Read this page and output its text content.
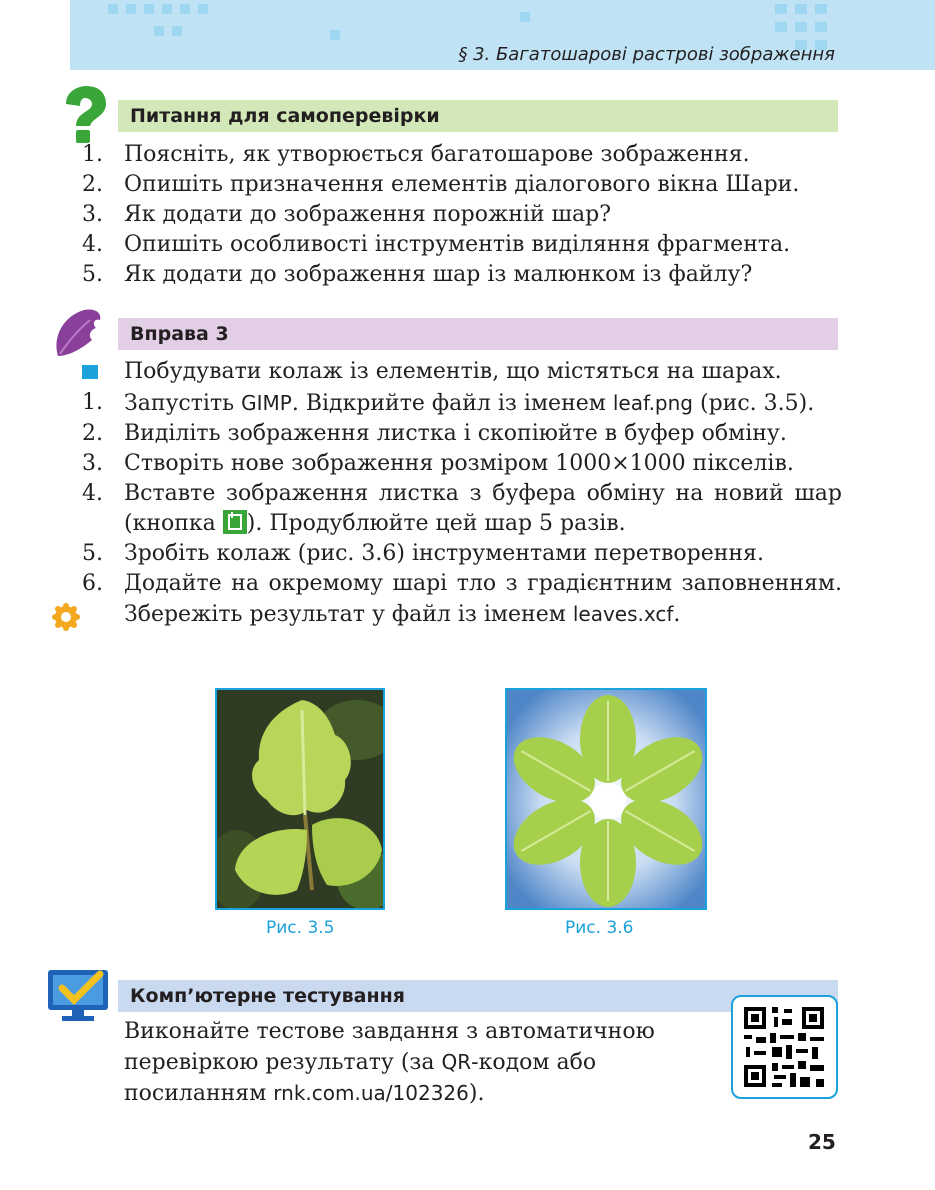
§ 3. Багатошарові растрові зображення
Питання для самоперевірки
1. Поясніть, як утворюється багатошарове зображення.
2. Опишіть призначення елементів діалогового вікна Шари.
3. Як додати до зображення порожній шар?
4. Опишіть особливості інструментів виділяння фрагмента.
5. Як додати до зображення шар із малюнком із файлу?
Вправа 3
Побудувати колаж із елементів, що містяться на шарах.
1. Запустіть GIMP. Відкрийте файл із іменем leaf.png (рис. 3.5).
2. Виділіть зображення листка і скопіюйте в буфер обміну.
3. Створіть нове зображення розміром 1000×1000 пікселів.
4. Вставте зображення листка з буфера обміну на новий шар (кнопка ). Продублюйте цей шар 5 разів.
5. Зробіть колаж (рис. 3.6) інструментами перетворення.
6. Додайте на окремому шарі тло з градієнтним заповненням. Збережіть результат у файл із іменем leaves.xcf.
Рис. 3.5	Рис. 3.6
Комп’ютерне тестування
Виконайте тестове завдання з автоматичною перевіркою результату (за QR-кодом або посиланням rnk.com.ua/102326).
25
